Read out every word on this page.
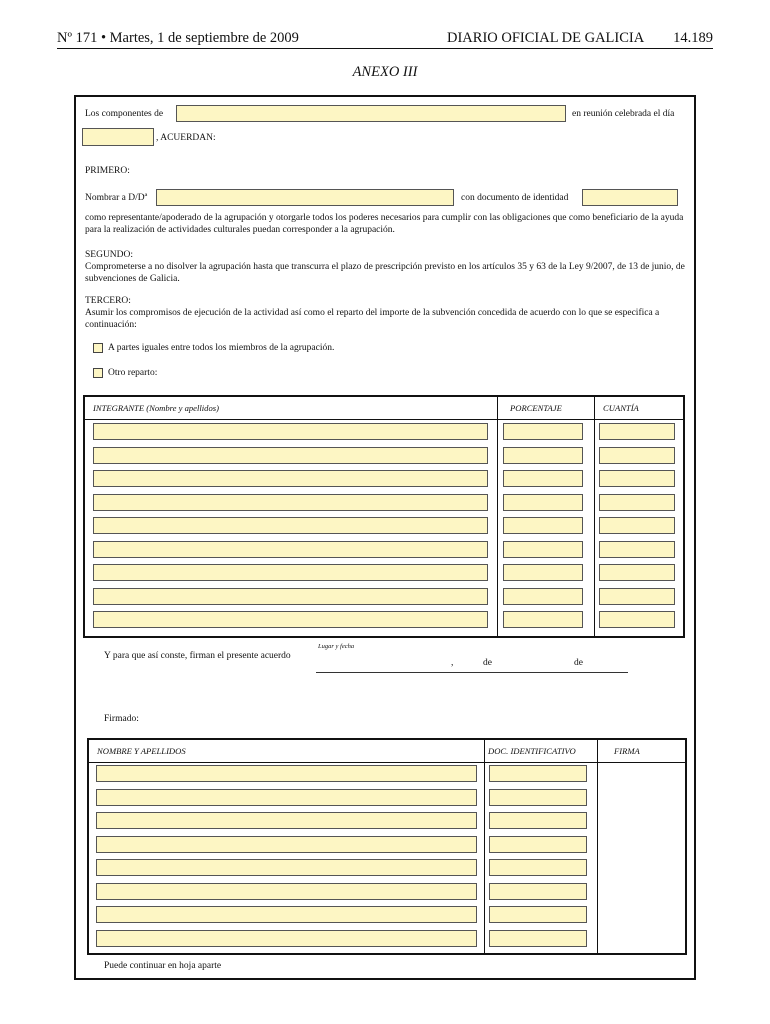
Nº 171 • Martes, 1 de septiembre de 2009	DIARIO OFICIAL DE GALICIA 14.189
ANEXO III
Los componentes de	en reunión celebrada el día
, ACUERDAN:
PRIMERO:
Nombrar a D/Dª	con documento de identidad
como representante/apoderado de la agrupación y otorgarle todos los poderes necesarios para cumplir con las obligaciones que como beneficiario de la ayuda para la realización de actividades culturales puedan corresponder a la agrupación.
SEGUNDO:
Comprometerse a no disolver la agrupación hasta que transcurra el plazo de prescripción previsto en los artículos 35 y 63 de la Ley 9/2007, de 13 de junio, de subvenciones de Galicia.
TERCERO:
Asumir los compromisos de ejecución de la actividad así como el reparto del importe de la subvención concedida de acuerdo con lo que se especifica a continuación:
A partes iguales entre todos los miembros de la agrupación.
Otro reparto:
INTEGRANTE (Nombre y apellidos)	PORCENTAJE	CUANTÍA
Y para que así conste, firman el presente acuerdo
Lugar y fecha
,	de	de
Firmado:
NOMBRE Y APELLIDOS	DOC. IDENTIFICATIVO	FIRMA
Puede continuar en hoja aparte
